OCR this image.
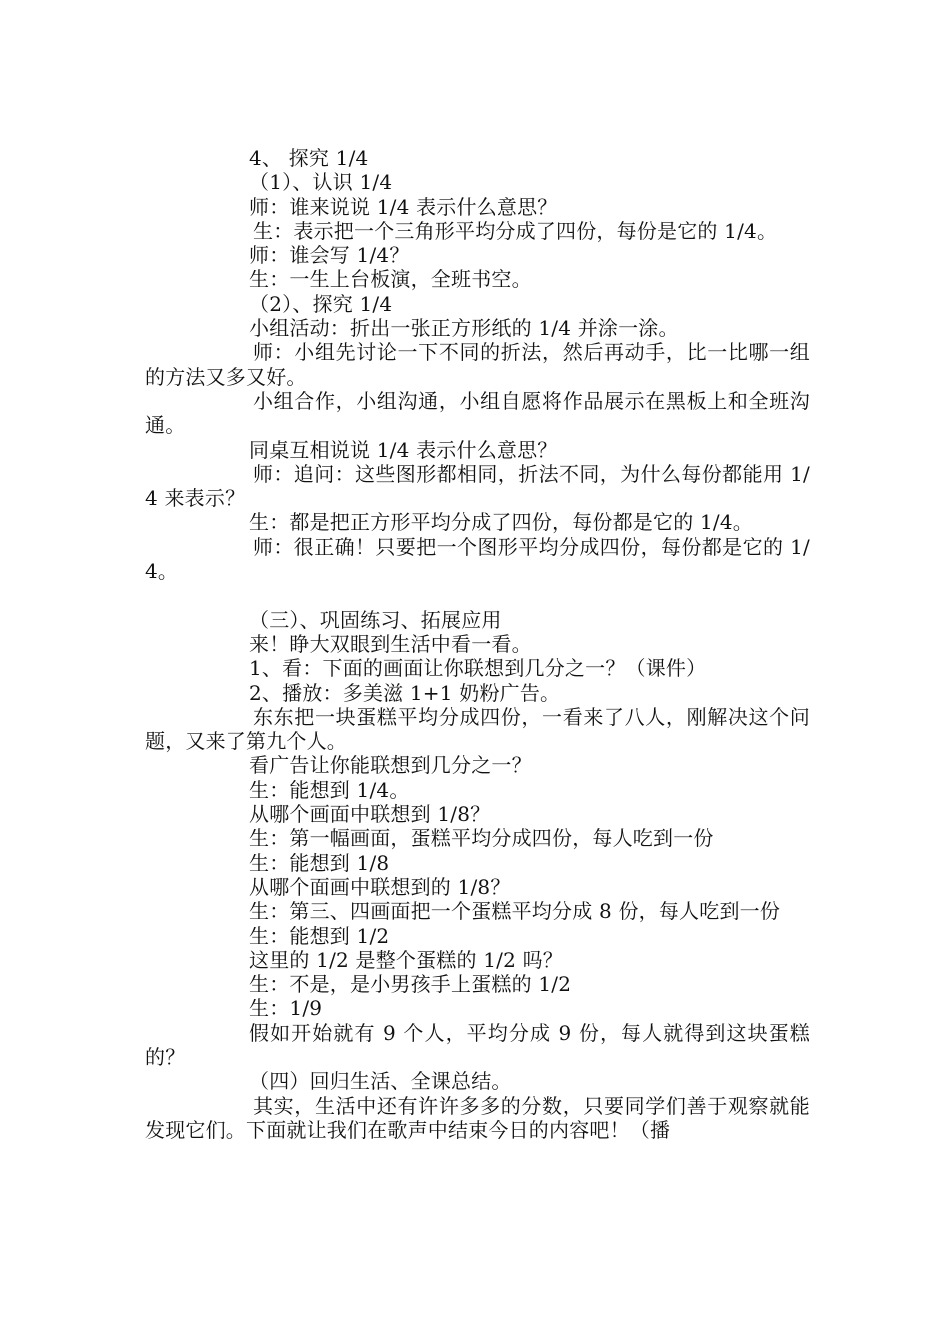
4、 探究 1/4

（1）、认识 1/4

师：谁来说说 1/4 表示什么意思？

生：表示把一个三角形平均分成了四份，每份是它的 1/4。

师：谁会写 1/4？

生：一生上台板演，全班书空。

（2）、探究 1/4

小组活动：折出一张正方形纸的 1/4 并涂一涂。

师：小组先讨论一下不同的折法，然后再动手，比一比哪一组的方法又多又好。

小组合作，小组沟通，小组自愿将作品展示在黑板上和全班沟通。

同桌互相说说 1/4 表示什么意思？

师：追问：这些图形都相同，折法不同，为什么每份都能用 1/4 来表示？

生：都是把正方形平均分成了四份，每份都是它的 1/4。

师：很正确！只要把一个图形平均分成四份，每份都是它的 1/4。

（三）、巩固练习、拓展应用

来！睁大双眼到生活中看一看。

1、看：下面的画面让你联想到几分之一？（课件）

2、播放：多美滋 1+1 奶粉广告。

东东把一块蛋糕平均分成四份，一看来了八人，刚解决这个问题，又来了第九个人。

看广告让你能联想到几分之一？

生：能想到 1/4。

从哪个画面中联想到 1/8？

生：第一幅画面，蛋糕平均分成四份，每人吃到一份

生：能想到 1/8

从哪个面画中联想到的 1/8？

生：第三、四画面把一个蛋糕平均分成 8 份，每人吃到一份

生：能想到 1/2

这里的 1/2 是整个蛋糕的 1/2 吗？

生：不是，是小男孩手上蛋糕的 1/2

生：1/9

假如开始就有 9 个人，平均分成 9 份，每人就得到这块蛋糕的？

（四）回归生活、全课总结。

其实，生活中还有许许多多的分数，只要同学们善于观察就能发现它们。下面就让我们在歌声中结束今日的内容吧！（播
